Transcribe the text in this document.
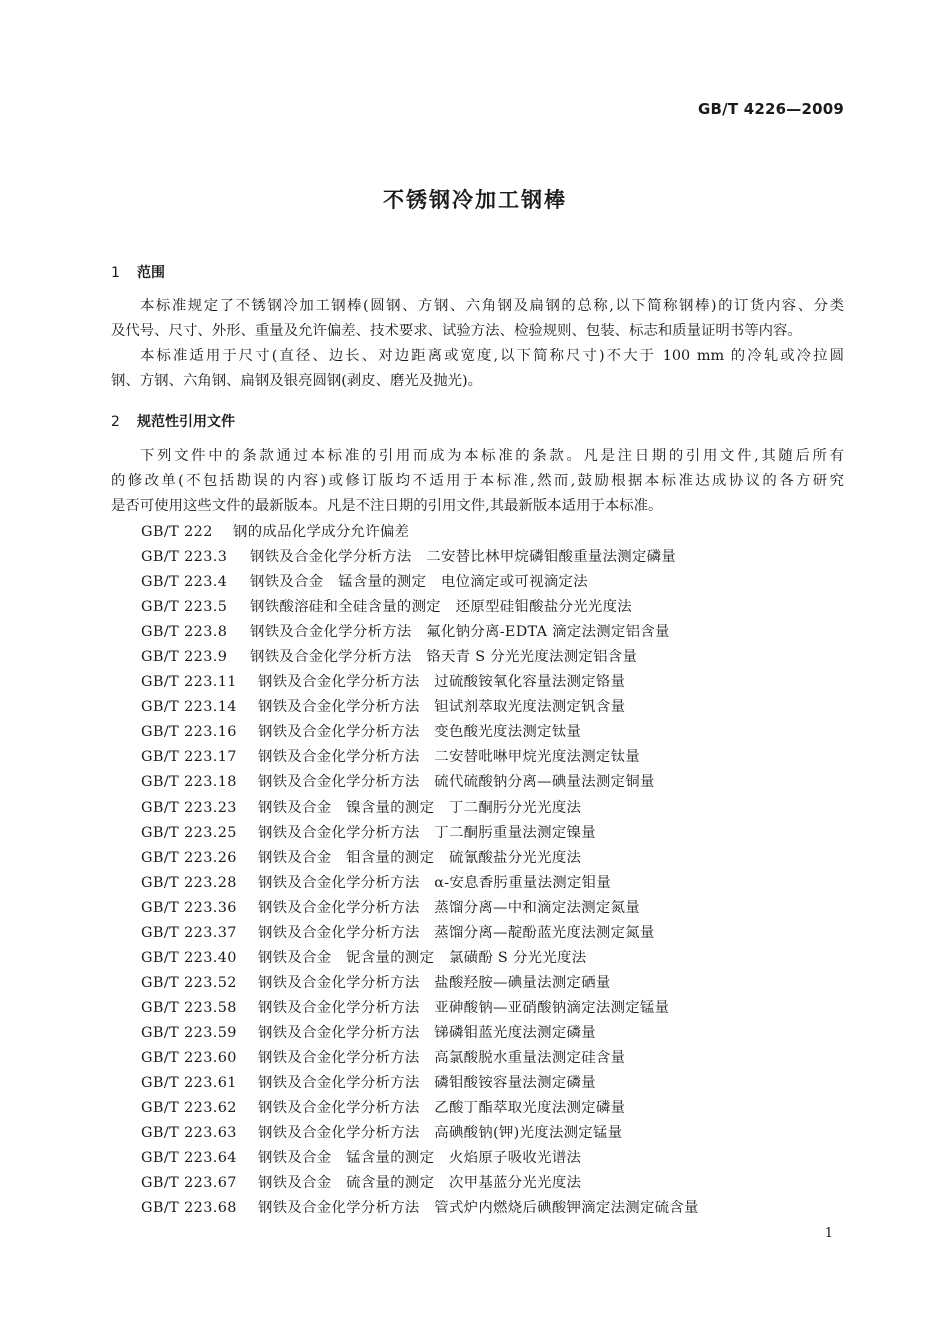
GB/T 4226—2009
不锈钢冷加工钢棒
1 范围
本标准规定了不锈钢冷加工钢棒(圆钢、方钢、六角钢及扁钢的总称,以下简称钢棒)的订货内容、分类
及代号、尺寸、外形、重量及允许偏差、技术要求、试验方法、检验规则、包装、标志和质量证明书等内容。
本标准适用于尺寸(直径、边长、对边距离或宽度,以下简称尺寸)不大于 100 mm 的冷轧或冷拉圆
钢、方钢、六角钢、扁钢及银亮圆钢(剥皮、磨光及抛光)。
2 规范性引用文件
下列文件中的条款通过本标准的引用而成为本标准的条款。凡是注日期的引用文件,其随后所有
的修改单(不包括勘误的内容)或修订版均不适用于本标准,然而,鼓励根据本标准达成协议的各方研究
是否可使用这些文件的最新版本。凡是不注日期的引用文件,其最新版本适用于本标准。
GB/T 222 钢的成品化学成分允许偏差
GB/T 223.3 钢铁及合金化学分析方法　二安替比林甲烷磷钼酸重量法测定磷量
GB/T 223.4 钢铁及合金　锰含量的测定　电位滴定或可视滴定法
GB/T 223.5 钢铁酸溶硅和全硅含量的测定　还原型硅钼酸盐分光光度法
GB/T 223.8 钢铁及合金化学分析方法　氟化钠分离-EDTA 滴定法测定铝含量
GB/T 223.9 钢铁及合金化学分析方法　铬天青 S 分光光度法测定铝含量
GB/T 223.11 钢铁及合金化学分析方法　过硫酸铵氧化容量法测定铬量
GB/T 223.14 钢铁及合金化学分析方法　钽试剂萃取光度法测定钒含量
GB/T 223.16 钢铁及合金化学分析方法　变色酸光度法测定钛量
GB/T 223.17 钢铁及合金化学分析方法　二安替吡啉甲烷光度法测定钛量
GB/T 223.18 钢铁及合金化学分析方法　硫代硫酸钠分离—碘量法测定铜量
GB/T 223.23 钢铁及合金　镍含量的测定　丁二酮肟分光光度法
GB/T 223.25 钢铁及合金化学分析方法　丁二酮肟重量法测定镍量
GB/T 223.26 钢铁及合金　钼含量的测定　硫氰酸盐分光光度法
GB/T 223.28 钢铁及合金化学分析方法　α-安息香肟重量法测定钼量
GB/T 223.36 钢铁及合金化学分析方法　蒸馏分离—中和滴定法测定氮量
GB/T 223.37 钢铁及合金化学分析方法　蒸馏分离—靛酚蓝光度法测定氮量
GB/T 223.40 钢铁及合金　铌含量的测定　氯磺酚 S 分光光度法
GB/T 223.52 钢铁及合金化学分析方法　盐酸羟胺—碘量法测定硒量
GB/T 223.58 钢铁及合金化学分析方法　亚砷酸钠—亚硝酸钠滴定法测定锰量
GB/T 223.59 钢铁及合金化学分析方法　锑磷钼蓝光度法测定磷量
GB/T 223.60 钢铁及合金化学分析方法　高氯酸脱水重量法测定硅含量
GB/T 223.61 钢铁及合金化学分析方法　磷钼酸铵容量法测定磷量
GB/T 223.62 钢铁及合金化学分析方法　乙酸丁酯萃取光度法测定磷量
GB/T 223.63 钢铁及合金化学分析方法　高碘酸钠(钾)光度法测定锰量
GB/T 223.64 钢铁及合金　锰含量的测定　火焰原子吸收光谱法
GB/T 223.67 钢铁及合金　硫含量的测定　次甲基蓝分光光度法
GB/T 223.68 钢铁及合金化学分析方法　管式炉内燃烧后碘酸钾滴定法测定硫含量
1
